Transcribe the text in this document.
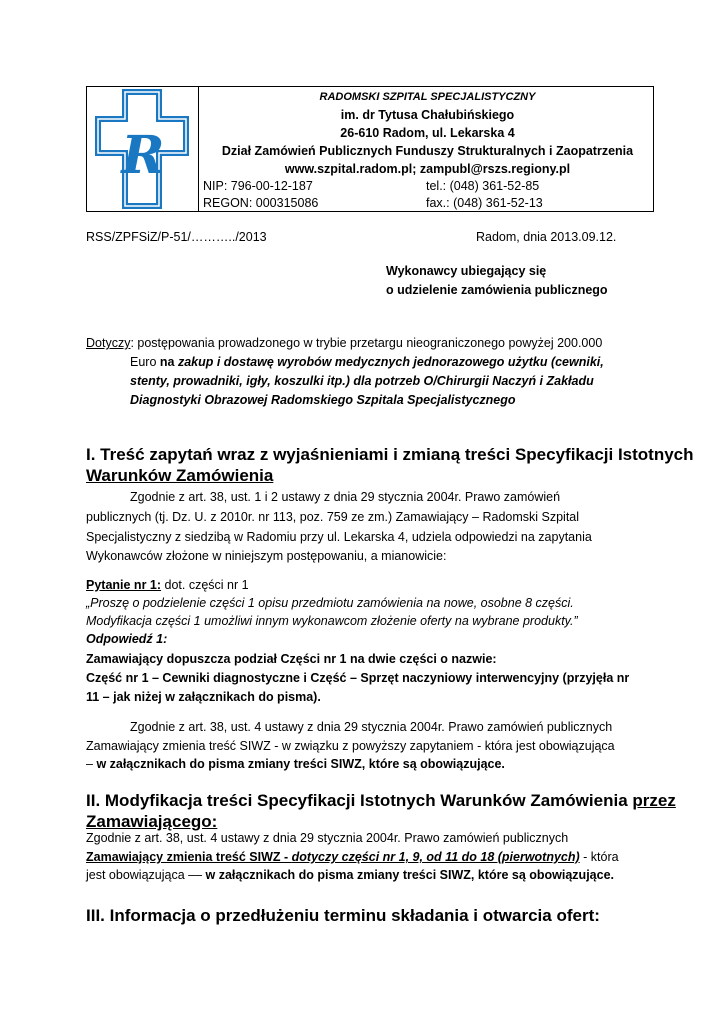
R
RADOMSKI SZPITAL SPECJALISTYCZNY
im. dr Tytusa Chałubińskiego
26-610 Radom, ul. Lekarska 4
Dział Zamówień Publicznych Funduszy Strukturalnych i Zaopatrzenia
www.szpital.radom.pl; zampubl@rszs.regiony.pl
NIP: 796-00-12-187	tel.: (048) 361-52-85
REGON: 000315086	fax.: (048) 361-52-13
RSS/ZPFSiZ/P-51/………../2013	Radom, dnia 2013.09.12.
Wykonawcy ubiegający się
o udzielenie zamówienia publicznego
Dotyczy: postępowania prowadzonego w trybie przetargu nieograniczonego powyżej 200.000
Euro na zakup i dostawę wyrobów medycznych jednorazowego użytku (cewniki,
stenty, prowadniki, igły, koszulki itp.) dla potrzeb O/Chirurgii Naczyń i Zakładu
Diagnostyki Obrazowej Radomskiego Szpitala Specjalistycznego
I. Treść zapytań wraz z wyjaśnieniami i zmianą treści Specyfikacji Istotnych
Warunków Zamówienia
Zgodnie z art. 38, ust. 1 i 2 ustawy z dnia 29 stycznia 2004r. Prawo zamówień
publicznych (tj. Dz. U. z 2010r. nr 113, poz. 759 ze zm.) Zamawiający – Radomski Szpital
Specjalistyczny z siedzibą w Radomiu przy ul. Lekarska 4, udziela odpowiedzi na zapytania
Wykonawców złożone w niniejszym postępowaniu, a mianowicie:
Pytanie nr 1: dot. części nr 1
„Proszę o podzielenie części 1 opisu przedmiotu zamówienia na nowe, osobne 8 części.
Modyfikacja części 1 umożliwi innym wykonawcom złożenie oferty na wybrane produkty.”
Odpowiedź 1:
Zamawiający dopuszcza podział Części nr 1 na dwie części o nazwie:
Część nr 1 – Cewniki diagnostyczne i Część – Sprzęt naczyniowy interwencyjny (przyjęła nr
11 – jak niżej w załącznikach do pisma).
Zgodnie z art. 38, ust. 4 ustawy z dnia 29 stycznia 2004r. Prawo zamówień publicznych
Zamawiający zmienia treść SIWZ - w związku z powyższy zapytaniem - która jest obowiązująca
– w załącznikach do pisma zmiany treści SIWZ, które są obowiązujące.
II. Modyfikacja treści Specyfikacji Istotnych Warunków Zamówienia przez
Zamawiającego:
Zgodnie z art. 38, ust. 4 ustawy z dnia 29 stycznia 2004r. Prawo zamówień publicznych
Zamawiający zmienia treść SIWZ - dotyczy części nr 1, 9, od 11 do 18 (pierwotnych) - która
jest obowiązująca –– w załącznikach do pisma zmiany treści SIWZ, które są obowiązujące.
III. Informacja o przedłużeniu terminu składania i otwarcia ofert:
